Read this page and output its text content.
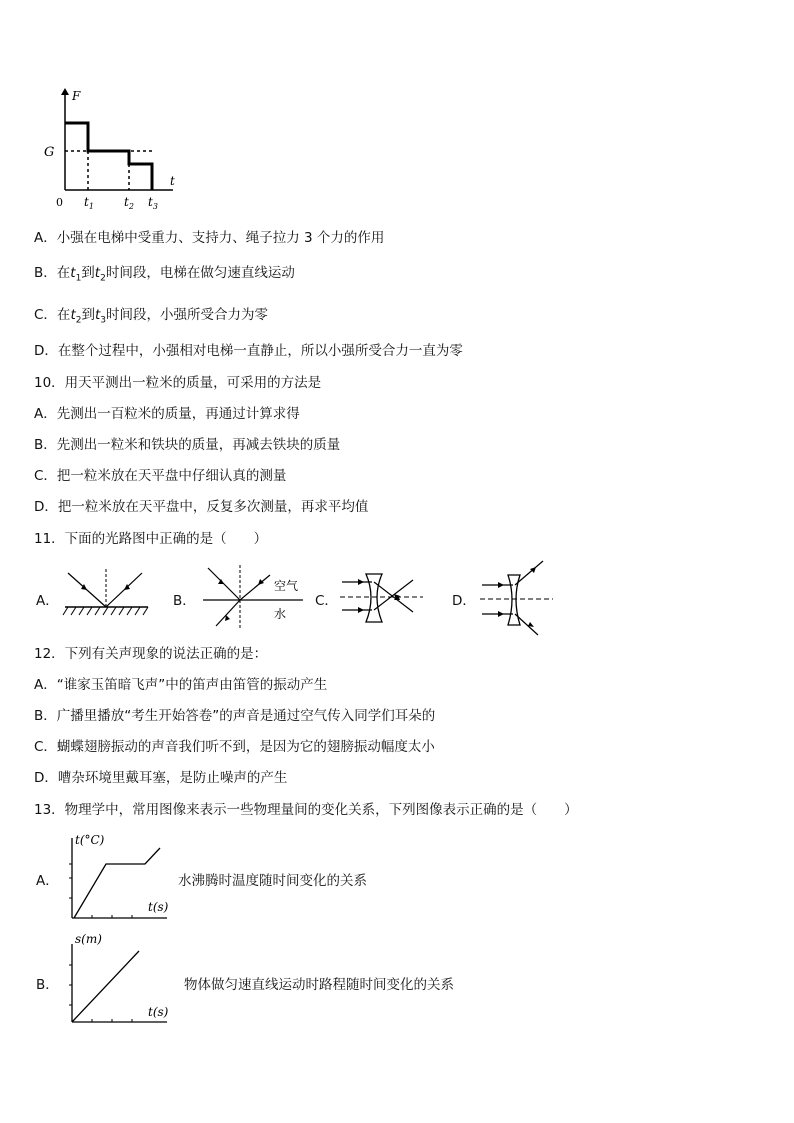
F
t
G
0 $t_1$	$t_2$ $t_3$
A．小强在电梯中受重力、支持力、绳子拉力 3 个力的作用
B．在$t_1$到$t_2$时间段，电梯在做匀速直线运动
C．在$t_2$到$t_3$时间段，小强所受合力为零
D．在整个过程中，小强相对电梯一直静止，所以小强所受合力一直为零
10．用天平测出一粒米的质量，可采用的方法是
A．先测出一百粒米的质量，再通过计算求得
B．先测出一粒米和铁块的质量，再减去铁块的质量
C．把一粒米放在天平盘中仔细认真的测量
D．把一粒米放在天平盘中，反复多次测量，再求平均值
11．下面的光路图中正确的是（　　）
A．	B．
空气
水
C．	D．
12．下列有关声现象的说法正确的是：
A．“谁家玉笛暗飞声”中的笛声由笛管的振动产生
B．广播里播放“考生开始答卷”的声音是通过空气传入同学们耳朵的
C．蝴蝶翅膀振动的声音我们听不到，是因为它的翅膀振动幅度太小
D．嘈杂环境里戴耳塞，是防止噪声的产生
13．物理学中，常用图像来表示一些物理量间的变化关系，下列图像表示正确的是（　　）
A．
t(°C)
t(s)
水沸腾时温度随时间变化的关系
B．
s(m)
t(s)
物体做匀速直线运动时路程随时间变化的关系
